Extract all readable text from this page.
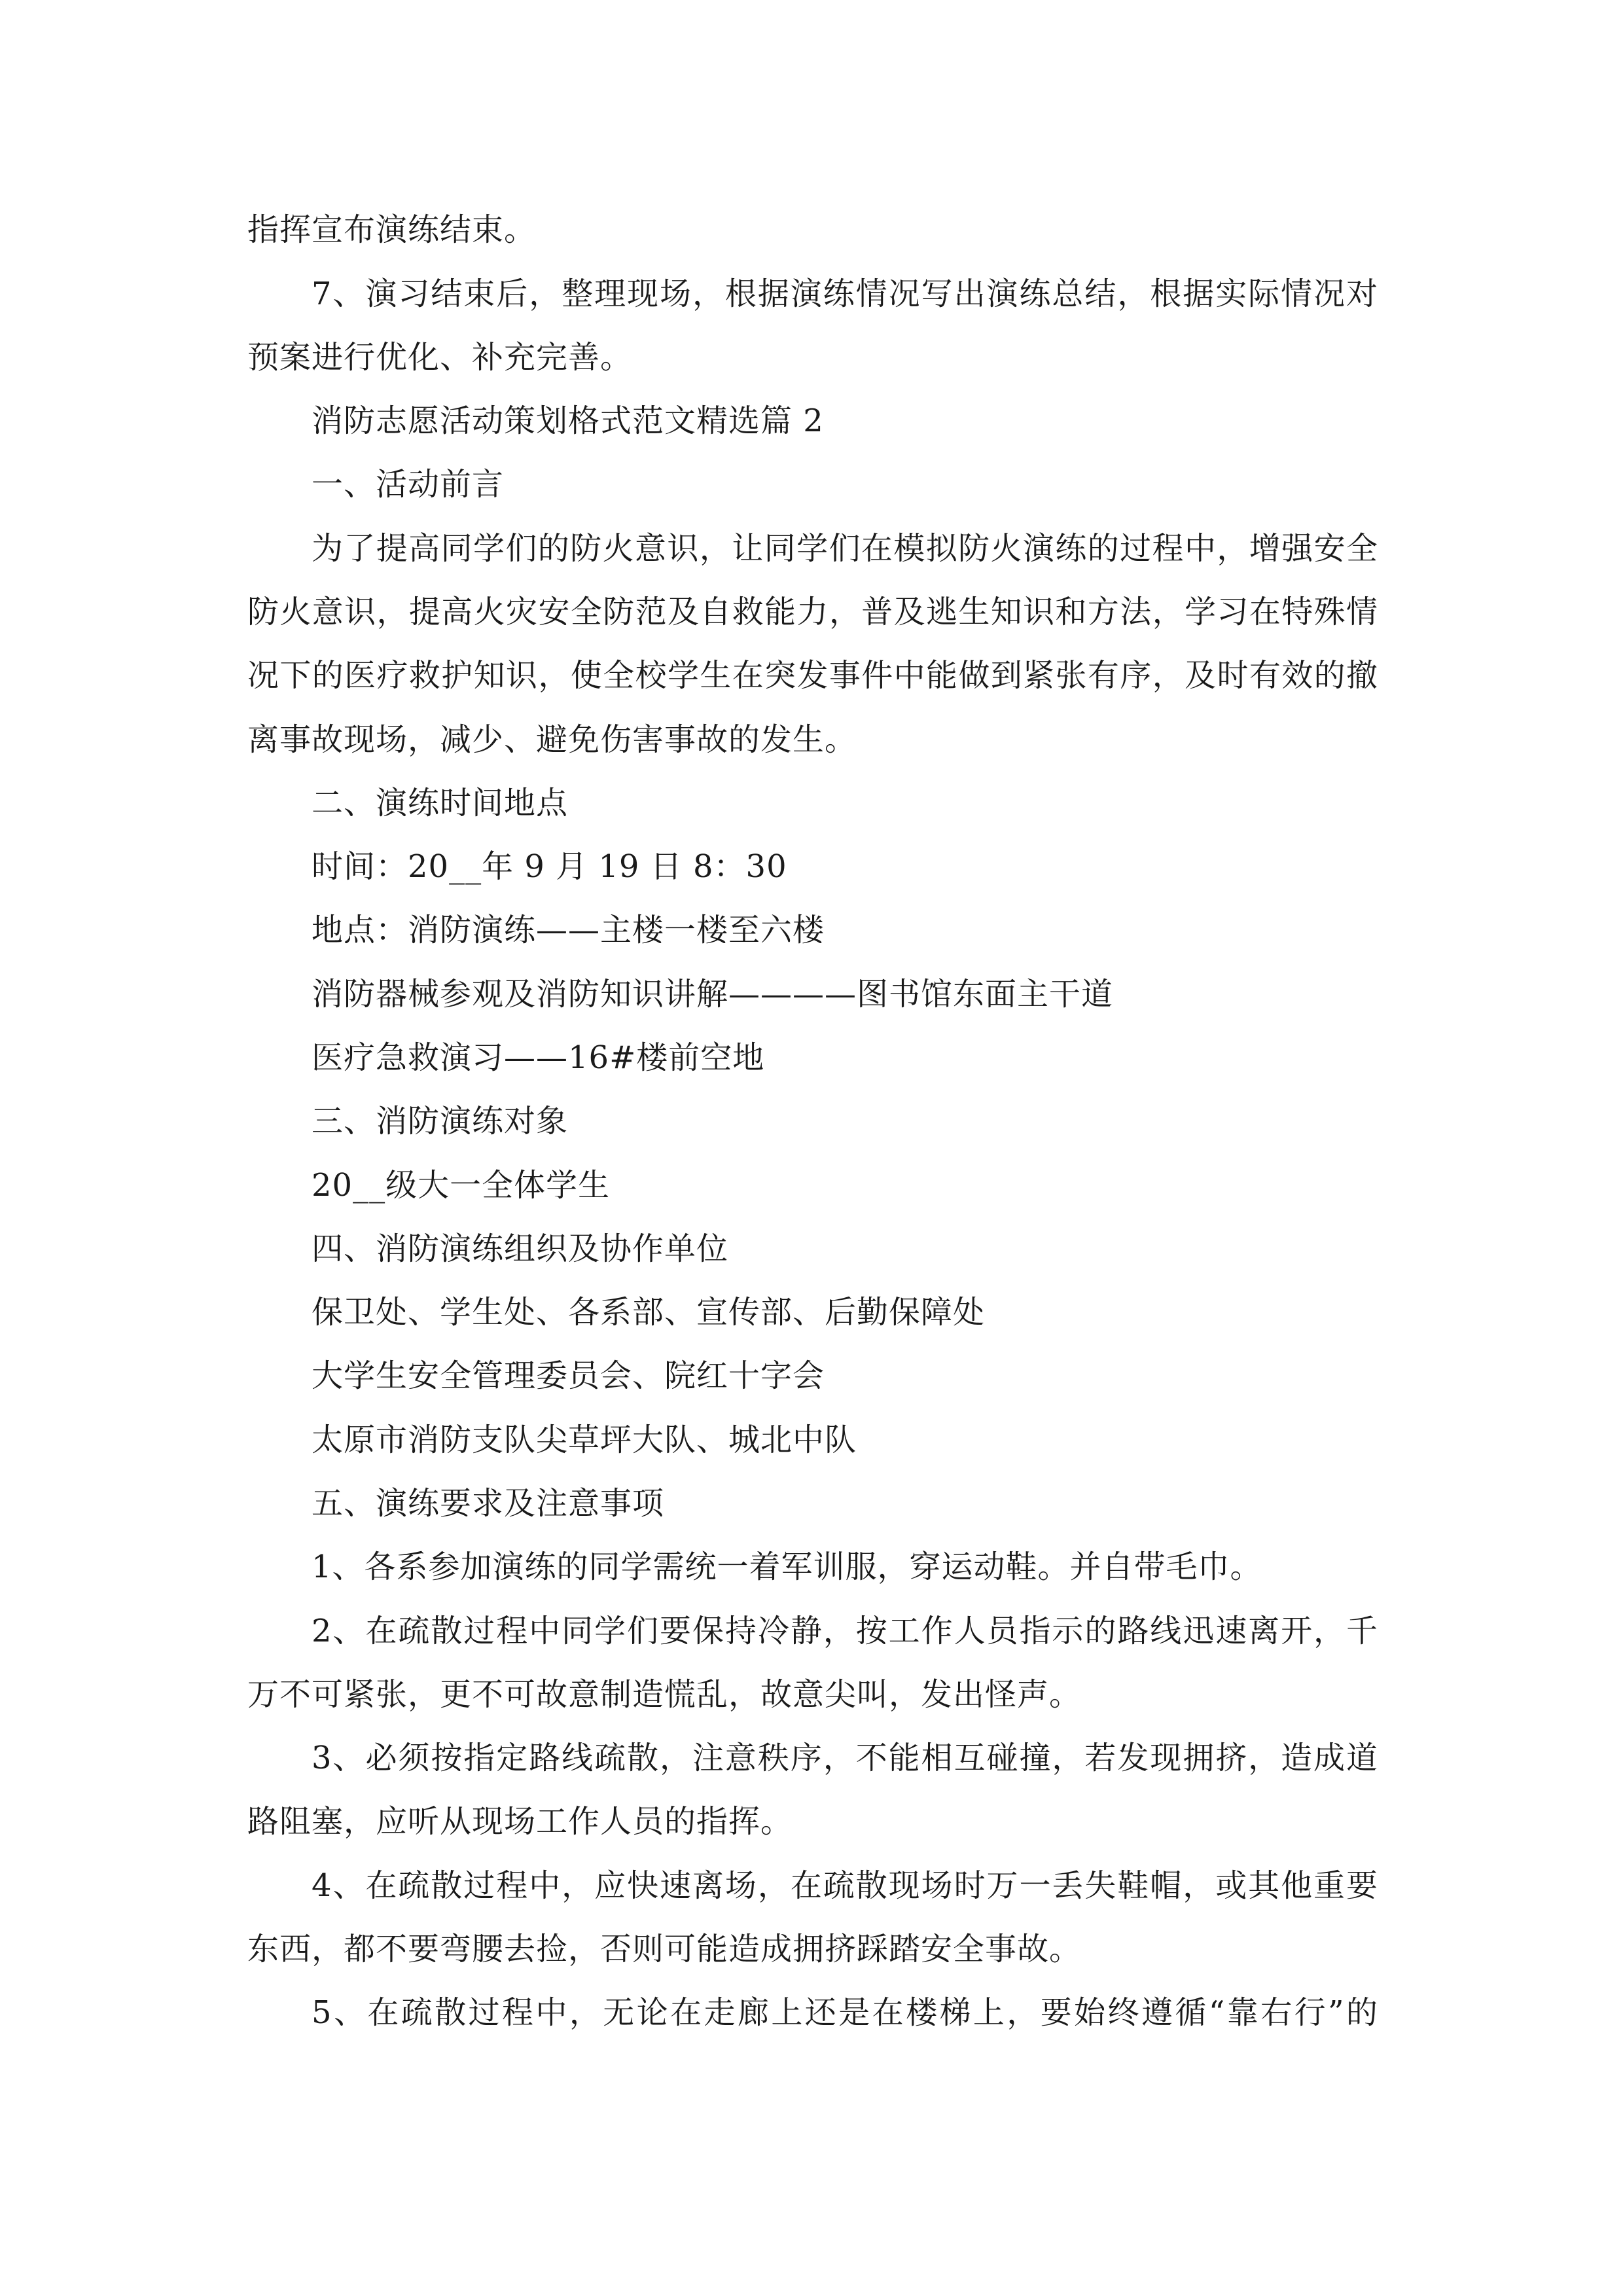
指挥宣布演练结束。
7、演习结束后，整理现场，根据演练情况写出演练总结，根据实际情况对
预案进行优化、补充完善。
消防志愿活动策划格式范文精选篇 2
一、活动前言
为了提高同学们的防火意识，让同学们在模拟防火演练的过程中，增强安全
防火意识，提高火灾安全防范及自救能力，普及逃生知识和方法，学习在特殊情
况下的医疗救护知识，使全校学生在突发事件中能做到紧张有序，及时有效的撤
离事故现场，减少、避免伤害事故的发生。
二、演练时间地点
时间：20__年 9 月 19 日 8：30
地点：消防演练——主楼一楼至六楼
消防器械参观及消防知识讲解————图书馆东面主干道
医疗急救演习——16#楼前空地
三、消防演练对象
20__级大一全体学生
四、消防演练组织及协作单位
保卫处、学生处、各系部、宣传部、后勤保障处
大学生安全管理委员会、院红十字会
太原市消防支队尖草坪大队、城北中队
五、演练要求及注意事项
1、各系参加演练的同学需统一着军训服，穿运动鞋。并自带毛巾。
2、在疏散过程中同学们要保持冷静，按工作人员指示的路线迅速离开，千
万不可紧张，更不可故意制造慌乱，故意尖叫，发出怪声。
3、必须按指定路线疏散，注意秩序，不能相互碰撞，若发现拥挤，造成道
路阻塞，应听从现场工作人员的指挥。
4、在疏散过程中，应快速离场，在疏散现场时万一丢失鞋帽，或其他重要
东西，都不要弯腰去捡，否则可能造成拥挤踩踏安全事故。
5、在疏散过程中，无论在走廊上还是在楼梯上，要始终遵循“靠右行”的
